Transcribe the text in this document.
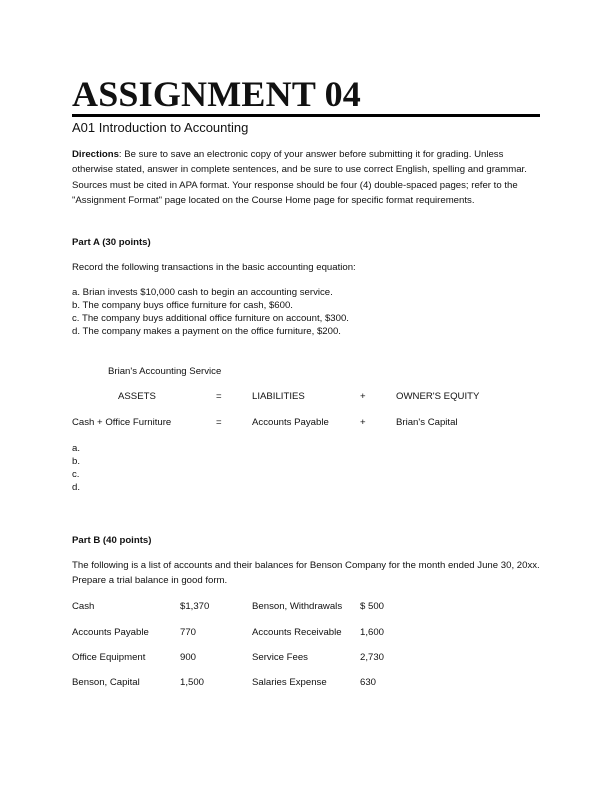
ASSIGNMENT 04
A01 Introduction to Accounting
Directions: Be sure to save an electronic copy of your answer before submitting it for grading. Unless otherwise stated, answer in complete sentences, and be sure to use correct English, spelling and grammar. Sources must be cited in APA format. Your response should be four (4) double-spaced pages; refer to the "Assignment Format" page located on the Course Home page for specific format requirements.
Part A (30 points)
Record the following transactions in the basic accounting equation:
a. Brian invests $10,000 cash to begin an accounting service.
b. The company buys office furniture for cash, $600.
c. The company buys additional office furniture on account, $300.
d. The company makes a payment on the office furniture, $200.
Brian's Accounting Service
ASSETS	=	LIABILITIES	+	OWNER'S EQUITY
Cash + Office Furniture	=	Accounts Payable	+	Brian's Capital
a.
b.
c.
d.
Part B (40 points)
The following is a list of accounts and their balances for Benson Company for the month ended June 30, 20xx. Prepare a trial balance in good form.
Cash	$1,370	Benson, Withdrawals $ 500
Accounts Payable	770	Accounts Receivable 1,600
Office Equipment	900	Service Fees	2,730
Benson, Capital	1,500	Salaries Expense	630
